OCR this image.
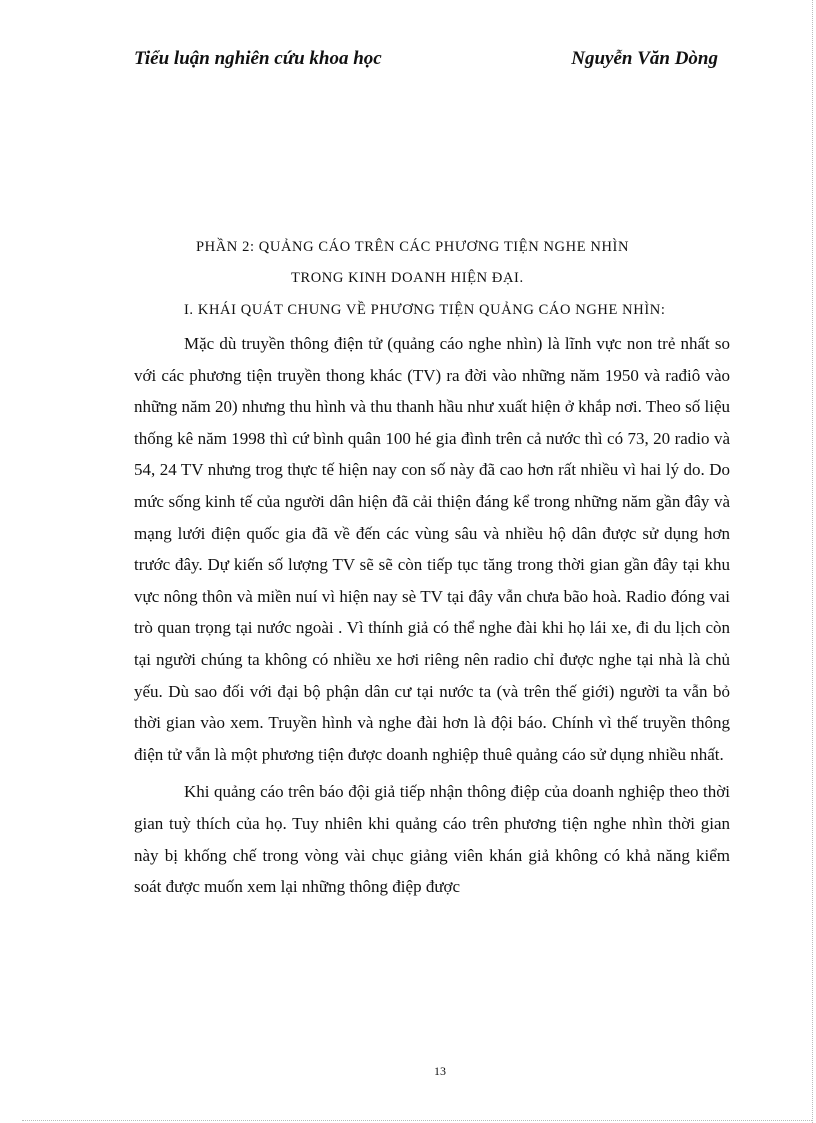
Tiểu luận nghiên cứu khoa học	Nguyễn Văn Dòng
PHẦN 2: QUẢNG CÁO TRÊN CÁC PHƯƠNG TIỆN NGHE NHÌN
TRONG KINH DOANH HIỆN ĐẠI.
I. KHÁI QUÁT CHUNG VỀ PHƯƠNG TIỆN QUẢNG CÁO NGHE NHÌN:

Mặc dù truyền thông điện tử (quảng cáo nghe nhìn) là lĩnh vực non trẻ nhất so với các phương tiện truyền thong khác (TV) ra đời vào những năm 1950 và rađiô vào những năm 20) nhưng thu hình và thu thanh hầu như xuất hiện ở khắp nơi. Theo số liệu thống kê năm 1998 thì cứ bình quân 100 hé gia đình trên cả nước thì có 73, 20 radio và 54, 24 TV nhưng trog thực tế hiện nay con số này đã cao hơn rất nhiều vì hai lý do. Do mức sống kinh tế của người dân hiện đã cải thiện đáng kể trong những năm gần đây và mạng lưới điện quốc gia đã về đến các vùng sâu và nhiều hộ dân được sử dụng hơn trước đây. Dự kiến số lượng TV sẽ sẽ còn tiếp tục tăng trong thời gian gần đây tại khu vực nông thôn và miền nuí vì hiện nay sè TV tại đây vẫn chưa bão hoà. Radio đóng vai trò quan trọng tại nước ngoài . Vì thính giả có thể nghe đài khi họ lái xe, đi du lịch còn tại người chúng ta không có nhiều xe hơi riêng nên radio chỉ được nghe tại nhà là chủ yếu. Dù sao đối với đại bộ phận dân cư tại nước ta (và trên thế giới) người ta vẫn bỏ thời gian vào xem. Truyền hình và nghe đài hơn là đội báo. Chính vì thế truyền thông điện tử vẫn là một phương tiện được doanh nghiệp thuê quảng cáo sử dụng nhiều nhất.

Khi quảng cáo trên báo đội giả tiếp nhận thông điệp của doanh nghiệp theo thời gian tuỳ thích của họ. Tuy nhiên khi quảng cáo trên phương tiện nghe nhìn thời gian này bị khống chế trong vòng vài chục giảng viên khán giả không có khả năng kiểm soát được muốn xem lại những thông điệp được

13
